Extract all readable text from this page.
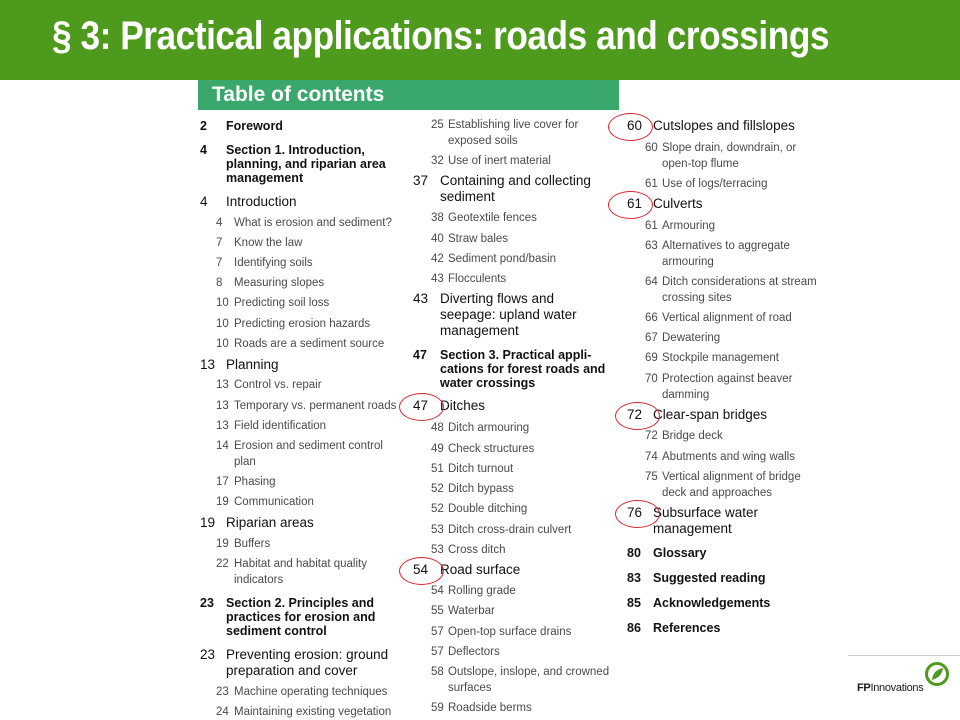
§ 3: Practical applications: roads and crossings
Table of contents
2 Foreword
4 Section 1. Introduction,
planning, and riparian area
management
4 Introduction
4 What is erosion and sediment?
7 Know the law
7 Identifying soils
8 Measuring slopes
10 Predicting soil loss
10 Predicting erosion hazards
10 Roads are a sediment source
13 Planning
13 Control vs. repair
13 Temporary vs. permanent roads
13 Field identification
14 Erosion and sediment control
plan
17 Phasing
19 Communication
19 Riparian areas
19 Buffers
22 Habitat and habitat quality
indicators
23 Section 2. Principles and
practices for erosion and
sediment control
23 Preventing erosion: ground
preparation and cover
23 Machine operating techniques
24 Maintaining existing vegetation
25 Establishing live cover for
exposed soils
32 Use of inert material
37 Containing and collecting
sediment
38 Geotextile fences
40 Straw bales
42 Sediment pond/basin
43 Flocculents
43 Diverting flows and
seepage: upland water
management
47 Section 3. Practical appli-
cations for forest roads and
water crossings
47 Ditches
48 Ditch armouring
49 Check structures
51 Ditch turnout
52 Ditch bypass
52 Double ditching
53 Ditch cross-drain culvert
53 Cross ditch
54 Road surface
54 Rolling grade
55 Waterbar
57 Open-top surface drains
57 Deflectors
58 Outslope, inslope, and crowned
surfaces
59 Roadside berms
60 Cutslopes and fillslopes
60 Slope drain, downdrain, or
open-top flume
61 Use of logs/terracing
61 Culverts
61 Armouring
63 Alternatives to aggregate
armouring
64 Ditch considerations at stream
crossing sites
66 Vertical alignment of road
67 Dewatering
69 Stockpile management
70 Protection against beaver
damming
72 Clear-span bridges
72 Bridge deck
74 Abutments and wing walls
75 Vertical alignment of bridge
deck and approaches
76 Subsurface water
management
80 Glossary
83 Suggested reading
85 Acknowledgements
86 References
FPInnovations
